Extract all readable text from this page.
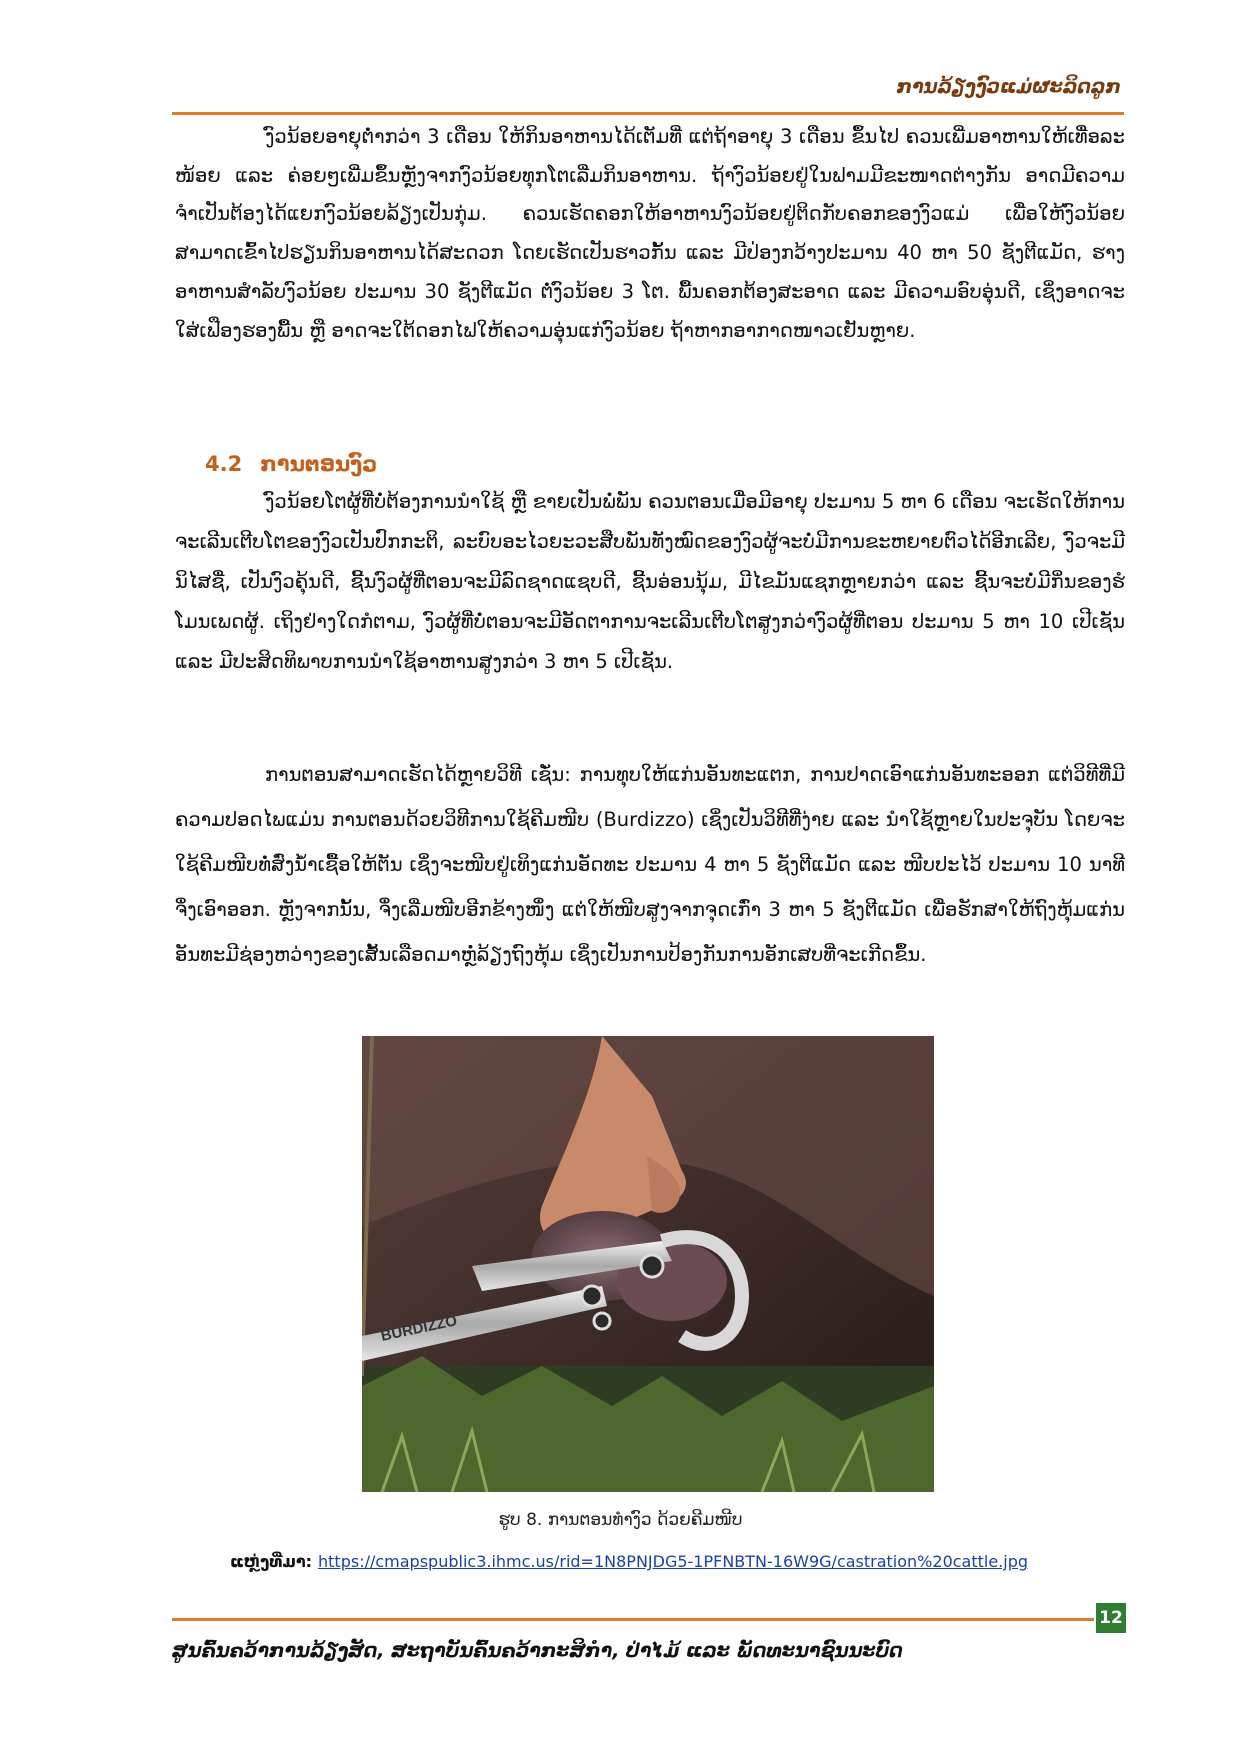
ການລ້ຽງງົວແມ່ຜະລິດລູກ

ງົວນ້ອຍອາຍຸຕ່ຳກວ່າ 3 ເດືອນ ໃຫ້ກິນອາຫານໄດ້ເຕັມທີ່ ແຕ່ຖ້າອາຍຸ 3 ເດືອນ ຂຶ້ນໄປ ຄວນເພີ່ມອາຫານໃຫ້ເທື່ອລະໜ້ອຍ ແລະ ຄ່ອຍໆເພີ່ມຂຶ້ນຫຼັງຈາກງົວນ້ອຍທຸກໂຕເລີ່ມກິນອາຫານ. ຖ້າງົວນ້ອຍຢູ່ໃນຟາມມີຂະໜາດຕ່າງກັນ ອາດມີຄວາມຈຳເປັນຕ້ອງໄດ້ແຍກງົວນ້ອຍລ້ຽງເປັນກຸ່ມ. ຄວນເຮັດຄອກໃຫ້ອາຫານງົວນ້ອຍຢູ່ຕິດກັບຄອກຂອງງົວແມ່ ເພື່ອໃຫ້ງົວນ້ອຍສາມາດເຂົ້າໄປຮຽນກິນອາຫານໄດ້ສະດວກ ໂດຍເຮັດເປັນຮາວກັ້ນ ແລະ ມີປ່ອງກວ້າງປະມານ 40 ຫາ 50 ຊັງຕີແມັດ, ຮາງອາຫານສຳລັບງົວນ້ອຍ ປະມານ 30 ຊັງຕີແມັດ ຕໍ່ງົວນ້ອຍ 3 ໂຕ. ພື້ນຄອກຕ້ອງສະອາດ ແລະ ມີຄວາມອົບອຸ່ນດີ, ເຊິ່ງອາດຈະໃສ່ເຟືອງຮອງພື້ນ ຫຼື ອາດຈະໃຕ້ດອກໄຟໃຫ້ຄວາມອຸ່ນແກ່ງົວນ້ອຍ ຖ້າຫາກອາກາດໜາວເຢັນຫຼາຍ.

4.2 ການຕອນງົວ

ງົວນ້ອຍໂຕຜູ້ທີ່ບໍ່ຕ້ອງການນຳໃຊ້ ຫຼື ຂາຍເປັນພໍ່ພັນ ຄວນຕອນເມື່ອມີອາຍຸ ປະມານ 5 ຫາ 6 ເດືອນ ຈະເຮັດໃຫ້ການຈະເລີນເຕີບໂຕຂອງງົວເປັນປົກກະຕິ, ລະບົບອະໄວຍະວະສືບພັນທັງໝົດຂອງງົວຜູ້ຈະບໍ່ມີການຂະຫຍາຍຕົວໄດ້ອີກເລີຍ, ງົວຈະມີນິໄສຊື່, ເປັນງົວຄຸ້ນດີ, ຊີ້ນງົວຜູ້ທີ່ຕອນຈະມີລົດຊາດແຊບດີ, ຊີ້ນອ່ອນນຸ້ມ, ມີໄຂມັນແຊກຫຼາຍກວ່າ ແລະ ຊີ້ນຈະບໍ່ມີກິ່ນຂອງຮໍໂມນເພດຜູ້. ເຖິງຢ່າງໃດກໍຕາມ, ງົວຜູ້ທີ່ບໍ່ຕອນຈະມີອັດຕາການຈະເລີນເຕີບໂຕສູງກວ່າງົວຜູ້ທີ່ຕອນ ປະມານ 5 ຫາ 10 ເປີເຊັນ ແລະ ມີປະສິດທິພາບການນຳໃຊ້ອາຫານສູງກວ່າ 3 ຫາ 5 ເປີເຊັນ.

ການຕອນສາມາດເຮັດໄດ້ຫຼາຍວິທີ ເຊັ່ນ: ການທຸບໃຫ້ແກ່ນອັນທະແຕກ, ການປາດເອົາແກ່ນອັນທະອອກ ແຕ່ວິທີທີ່ມີຄວາມປອດໄພແມ່ນ ການຕອນດ້ວຍວິທີການໃຊ້ຄີມໜີບ (Burdizzo) ເຊິ່ງເປັນວິທີທີ່ງ່າຍ ແລະ ນຳໃຊ້ຫຼາຍໃນປະຈຸບັນ ໂດຍຈະໃຊ້ຄີມໜີບທໍ່ສົ່ງນ້ຳເຊື້ອໃຫ້ຕັນ ເຊິ່ງຈະໜີບຢູ່ເທິງແກ່ນອັດທະ ປະມານ 4 ຫາ 5 ຊັງຕີແມັດ ແລະ ໜີບປະໄວ້ ປະມານ 10 ນາທີ ຈຶ່ງເອົາອອກ. ຫຼັງຈາກນັ້ນ, ຈຶ່ງເລີ່ມໜີບອີກຂ້າງໜຶ່ງ ແຕ່ໃຫ້ໜີບສູງຈາກຈຸດເກົ່າ 3 ຫາ 5 ຊັງຕີແມັດ ເພື່ອຮັກສາໃຫ້ຖົງຫຸ້ມແກ່ນອັນທະມີຊ່ອງຫວ່າງຂອງເສັ້ນເລືອດມາຫຼໍ່ລ້ຽງຖົງຫຸ້ມ ເຊິ່ງເປັນການປ້ອງກັນການອັກເສບທີ່ຈະເກີດຂຶ້ນ.

BURDIZZO
ຮູບ 8. ການຕອນທຳງົວ ດ້ວຍຄີມໜີບ
ແຫຼ່ງທີ່ມາ: https://cmapspublic3.ihmc.us/rid=1N8PNJDG5-1PFNBTN-16W9G/castration%20cattle.jpg
12
ສູນຄົ້ນຄວ້າການລ້ຽງສັດ, ສະຖາບັນຄົ້ນຄວ້າກະສິກຳ, ປ່າໄມ້ ແລະ ພັດທະນາຊົນນະບົດ
